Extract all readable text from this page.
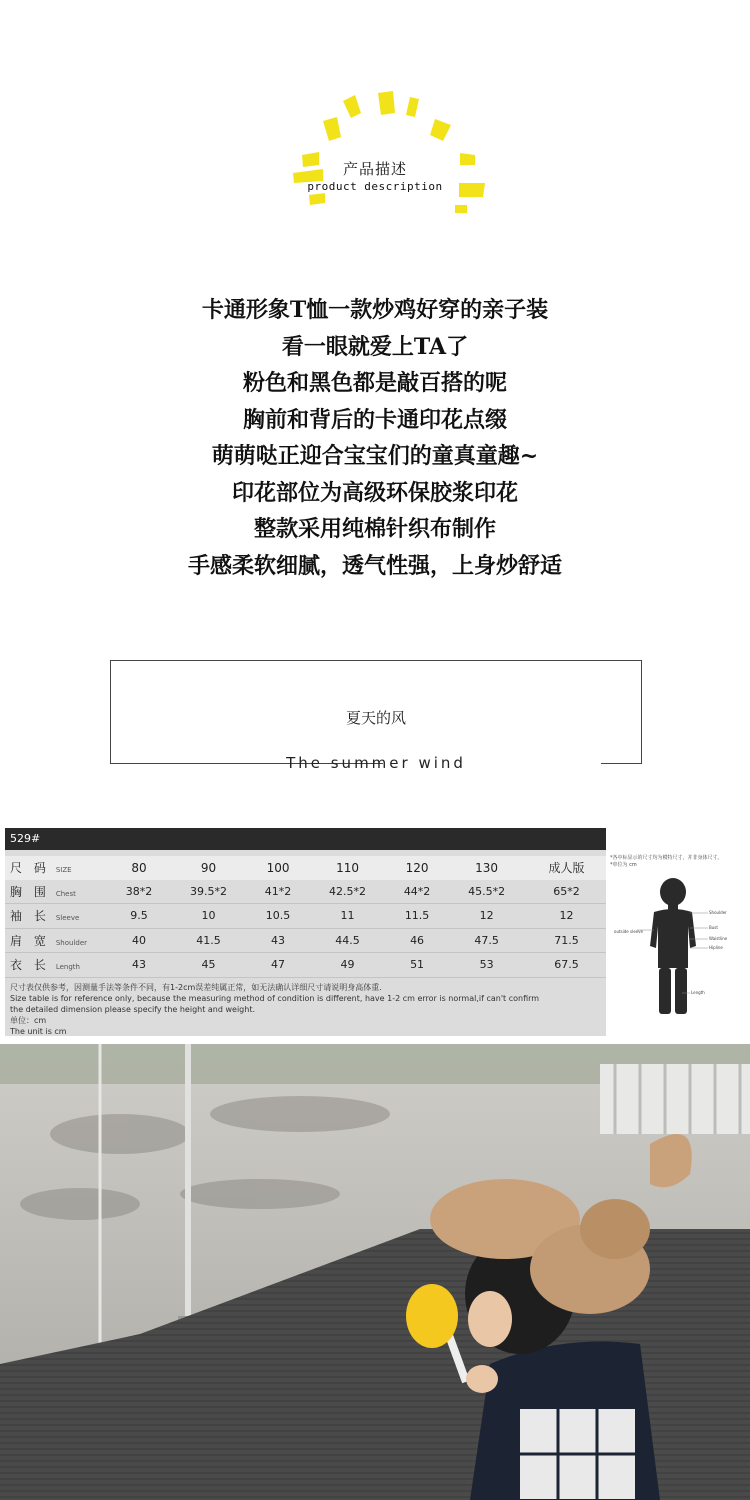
产品描述
product description
卡通形象T恤一款炒鸡好穿的亲子装
看一眼就爱上TA了
粉色和黑色都是敲百搭的呢
胸前和背后的卡通印花点缀
萌萌哒正迎合宝宝们的童真童趣~
印花部位为高级环保胶浆印花
整款采用纯棉针织布制作
手感柔软细腻，透气性强，上身炒舒适
夏天的风
The summer wind
529#
尺 码 SIZE	80	90	100	110	120	130	成人版
胸 围 Chest	38*2	39.5*2	41*2	42.5*2	44*2	45.5*2	65*2
袖 长 Sleeve	9.5	10	10.5	11	11.5	12	12
肩 宽 Shoulder	40	41.5	43	44.5	46	47.5	71.5
衣 长 Length	43	45	47	49	51	53	67.5
尺寸表仅供参考，因测量手法等条件不同，有1-2cm误差纯属正常，如无法确认详细尺寸请说明身高体重.
Size table is for reference only, because the measuring method of condition is different, have 1-2 cm error is normal,if can't confirm
the detailed dimension please specify the height and weight.
单位：cm
The unit is cm
*各中标显示的尺寸均为模特尺寸，并非身体尺寸。
*单位为 cm
Shoulder
Bust
Waistline
Hipline
Length
outside sleeve
